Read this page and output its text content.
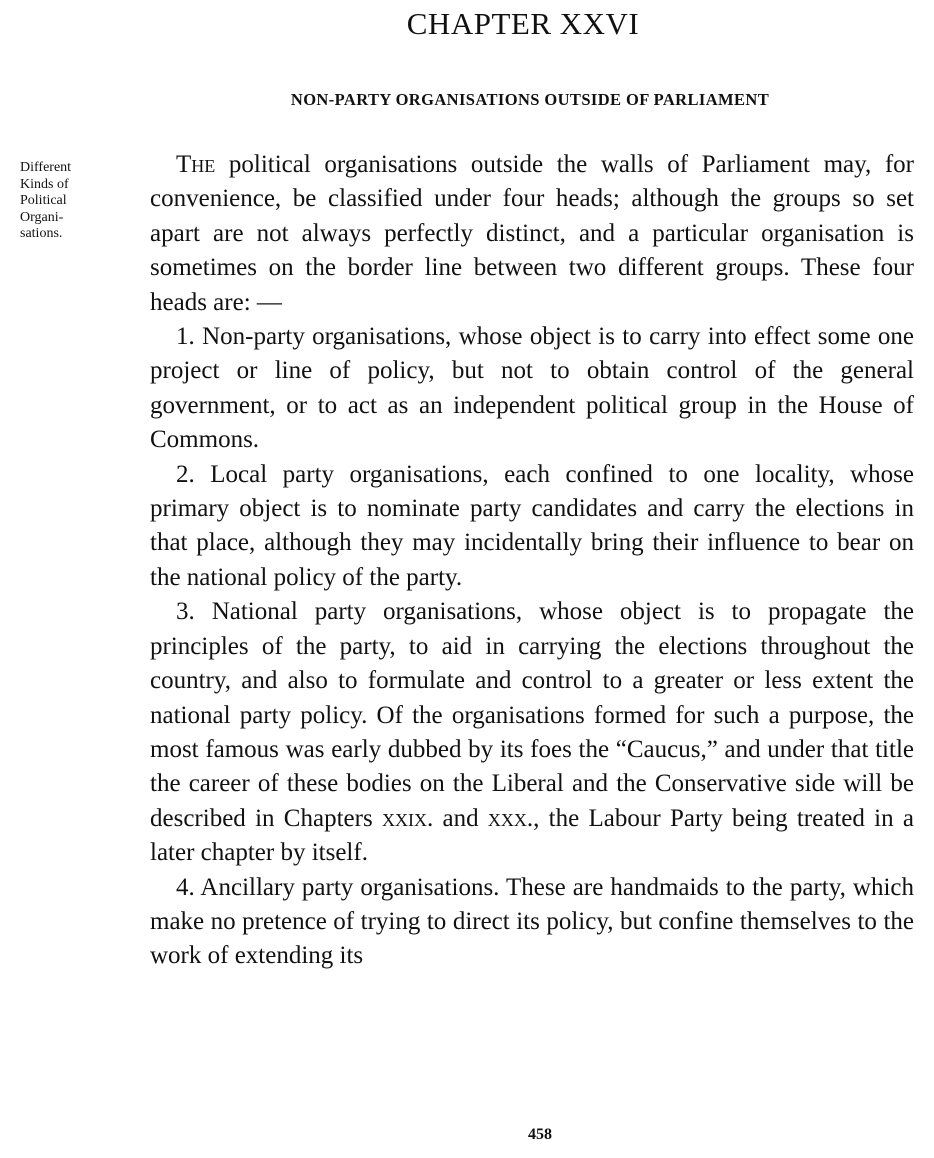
CHAPTER XXVI
NON-PARTY ORGANISATIONS OUTSIDE OF PARLIAMENT
Different
Kinds of
Political
Organi-
sations.

The political organisations outside the walls of Parliament may, for convenience, be classified under four heads; although the groups so set apart are not always perfectly distinct, and a particular organisation is sometimes on the border line between two different groups. These four heads are: —

1. Non-party organisations, whose object is to carry into effect some one project or line of policy, but not to obtain control of the general government, or to act as an independent political group in the House of Commons.

2. Local party organisations, each confined to one locality, whose primary object is to nominate party candidates and carry the elections in that place, although they may incidentally bring their influence to bear on the national policy of the party.

3. National party organisations, whose object is to propagate the principles of the party, to aid in carrying the elections throughout the country, and also to formulate and control to a greater or less extent the national party policy. Of the organisations formed for such a purpose, the most famous was early dubbed by its foes the “Caucus,” and under that title the career of these bodies on the Liberal and the Conservative side will be described in Chapters xxix. and xxx., the Labour Party being treated in a later chapter by itself.

4. Ancillary party organisations. These are handmaids to the party, which make no pretence of trying to direct its policy, but confine themselves to the work of extending its

458
